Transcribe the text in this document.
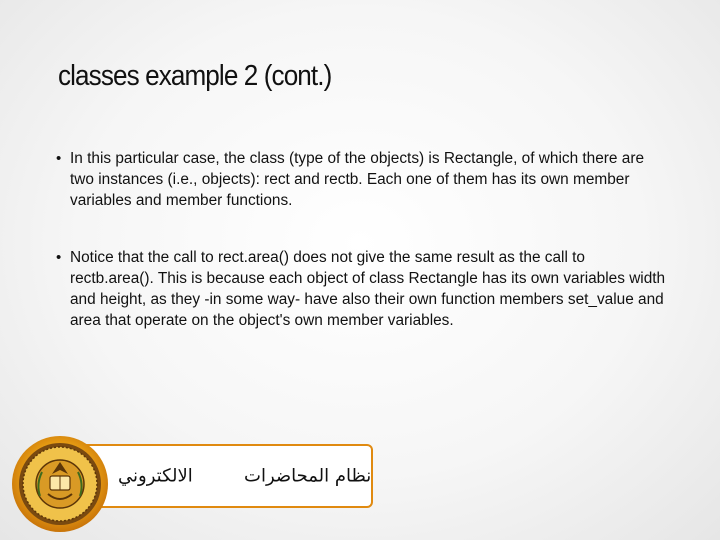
classes example 2 (cont.)
• In this particular case, the class (type of the objects) is Rectangle, of which there are two instances (i.e., objects): rect and rectb. Each one of them has its own member variables and member functions.
• Notice that the call to rect.area() does not give the same result as the call to rectb.area(). This is because each object of class Rectangle has its own variables width and height, as they -in some way- have also their own function members set_value and area that operate on the object's own member variables.
الالكتروني	نظام المحاضرات
